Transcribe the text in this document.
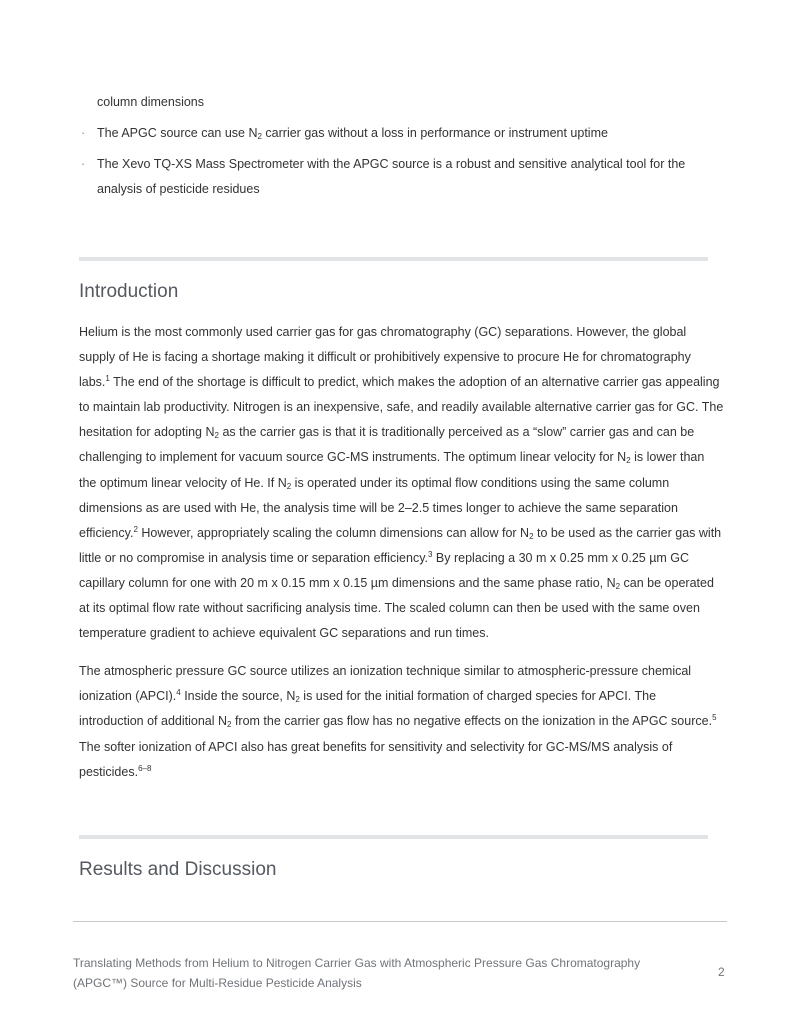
column dimensions
· The APGC source can use $N_2$ carrier gas without a loss in performance or instrument uptime
· The Xevo TQ-XS Mass Spectrometer with the APGC source is a robust and sensitive analytical tool for the analysis of pesticide residues
Introduction

Helium is the most commonly used carrier gas for gas chromatography (GC) separations. However, the global supply of He is facing a shortage making it difficult or prohibitively expensive to procure He for chromatography labs.$^1$ The end of the shortage is difficult to predict, which makes the adoption of an alternative carrier gas appealing to maintain lab productivity. Nitrogen is an inexpensive, safe, and readily available alternative carrier gas for GC. The hesitation for adopting $N_2$ as the carrier gas is that it is traditionally perceived as a “slow” carrier gas and can be challenging to implement for vacuum source GC-MS instruments. The optimum linear velocity for $N_2$ is lower than the optimum linear velocity of He. If $N_2$ is operated under its optimal flow conditions using the same column dimensions as are used with He, the analysis time will be 2–2.5 times longer to achieve the same separation efficiency.$^2$ However, appropriately scaling the column dimensions can allow for $N_2$ to be used as the carrier gas with little or no compromise in analysis time or separation efficiency.$^3$ By replacing a 30 m x 0.25 mm x 0.25 µm GC capillary column for one with 20 m x 0.15 mm x 0.15 µm dimensions and the same phase ratio, $N_2$ can be operated at its optimal flow rate without sacrificing analysis time. The scaled column can then be used with the same oven temperature gradient to achieve equivalent GC separations and run times.

The atmospheric pressure GC source utilizes an ionization technique similar to atmospheric-pressure chemical ionization (APCI).$^4$ Inside the source, $N_2$ is used for the initial formation of charged species for APCI. The introduction of additional $N_2$ from the carrier gas flow has no negative effects on the ionization in the APGC source.$^5$ The softer ionization of APCI also has great benefits for sensitivity and selectivity for GC-MS/MS analysis of pesticides.$^{6-8}$

Results and Discussion
Translating Methods from Helium to Nitrogen Carrier Gas with Atmospheric Pressure Gas Chromatography (APGC™) Source for Multi-Residue Pesticide Analysis
2
